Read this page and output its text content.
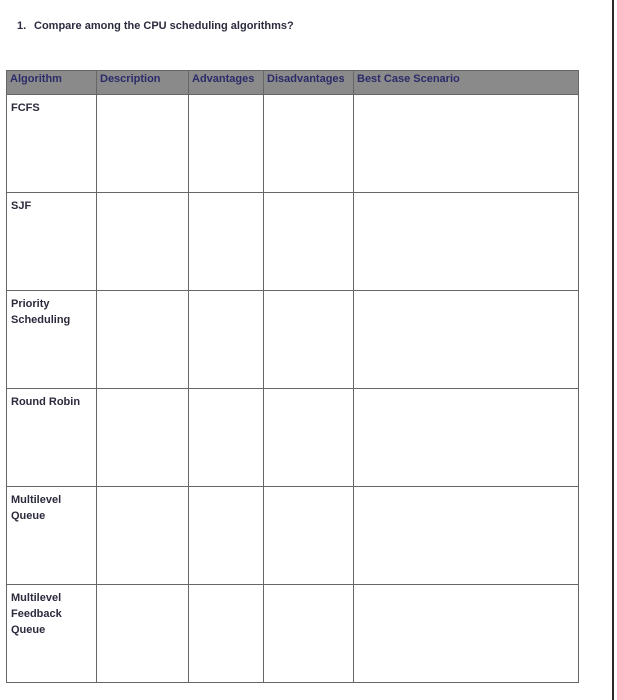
1. Compare among the CPU scheduling algorithms?
Algorithm	Description	Advantages	Disadvantages	Best Case Scenario

FCFS				

SJF				

Priority
Scheduling				

Round Robin				

Multilevel
Queue				

Multilevel
Feedback
Queue				
